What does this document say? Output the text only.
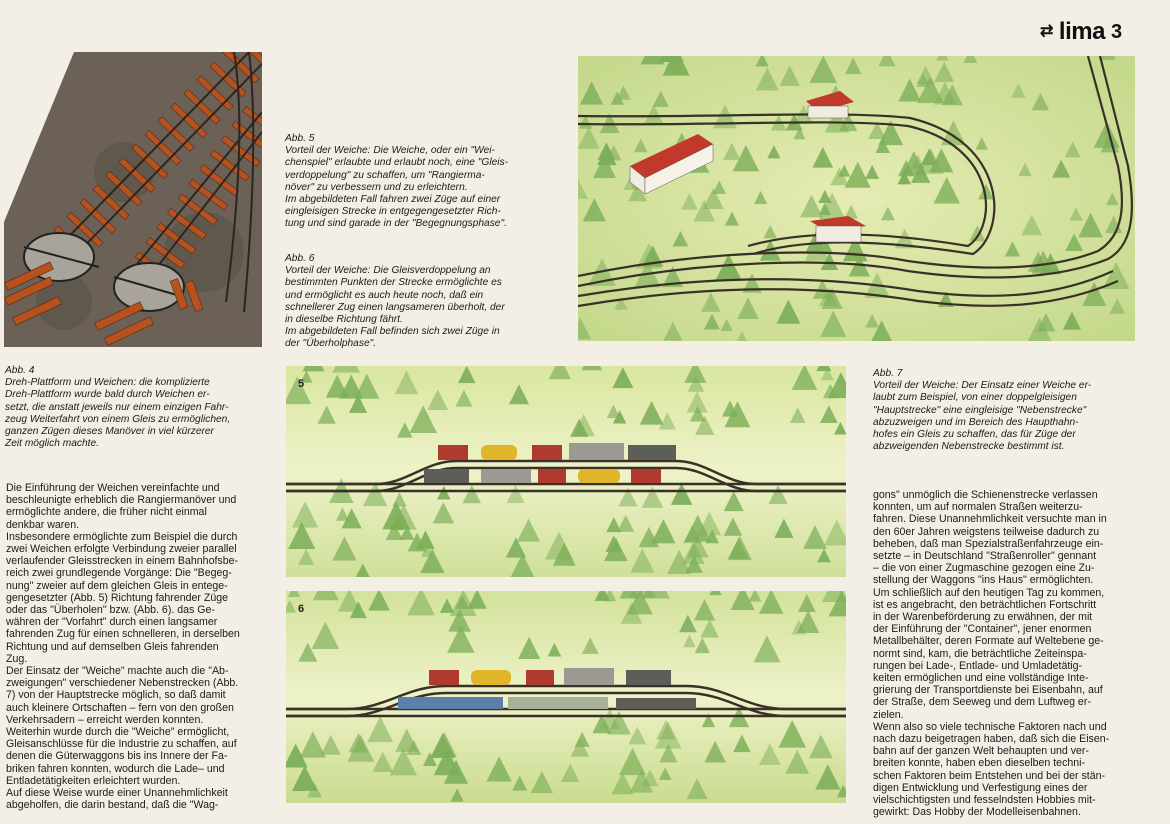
⇄ lima 3
Abb. 4
Dreh-Plattform und Weichen: die komplizierte
Dreh-Plattform wurde bald durch Weichen er-
setzt, die anstatt jeweils nur einem einzigen Fahr-
zeug Weiterfahrt von einem Gleis zu ermöglichen,
ganzen Zügen dieses Manöver in viel kürzerer
Zeit möglich machte.
Abb. 5
Vorteil der Weiche: Die Weiche, oder ein "Wei-
chenspiel" erlaubte und erlaubt noch, eine "Gleis-
verdoppelung" zu schaffen, um "Rangierma-
növer" zu verbessern und zu erleichtern.
Im abgebildeten Fall fahren zwei Züge auf einer
eingleisigen Strecke in entgegengesetzter Rich-
tung und sind garade in der "Begegnungsphase".
Abb. 6
Vorteil der Weiche: Die Gleisverdoppelung an
bestimmten Punkten der Strecke ermöglichte es
und ermöglicht es auch heute noch, daß ein
schnellerer Zug einen langsameren überholt, der
in dieselbe Richtung fährt.
Im abgebildeten Fall befinden sich zwei Züge in
der "Überholphase".
Abb. 7
Vorteil der Weiche: Der Einsatz einer Weiche er-
laubt zum Beispiel, von einer doppelgleisigen
"Hauptstrecke" eine eingleisige "Nebenstrecke"
abzuzweigen und im Bereich des Haupthahn-
hofes ein Gleis zu schaffen, das für Züge der
abzweigenden Nebenstrecke bestimmt ist.
5
6

Die Einführung der Weichen vereinfachte und

beschleunigte erheblich die Rangiermanöver und

ermöglichte andere, die früher nicht einmal

denkbar waren.

Insbesondere ermöglichte zum Beispiel die durch

zwei Weichen erfolgte Verbindung zweier parallel

verlaufender Gleisstrecken in einem Bahnhofsbe-

reich zwei grundlegende Vorgänge: Die "Begeg-

nung" zweier auf dem gleichen Gleis in entege-

gengesetzter (Abb. 5) Richtung fahrender Züge

oder das "Überholen" bzw. (Abb. 6). das Ge-

währen der "Vorfahrt" durch einen langsamer

fahrenden Zug für einen schnelleren, in derselben

Richtung und auf demselben Gleis fahrenden

Zug.

Der Einsatz der "Weiche" machte auch die "Ab-

zweigungen" verschiedener Nebenstrecken (Abb.

7) von der Hauptstrecke möglich, so daß damit

auch kleinere Ortschaften – fern von den großen

Verkehrsadern – erreicht werden konnten.

Weiterhin wurde durch die "Weiche" ermöglicht,

Gleisanschlüsse für die Industrie zu schaffen, auf

denen die Güterwaggons bis ins Innere der Fa-

briken fahren konnten, wodurch die Lade– und

Entladetätigkeiten erleichtert wurden.

Auf diese Weise wurde einer Unannehmlichkeit

abgeholfen, die darin bestand, daß die "Wag-

gons" unmöglich die Schienenstrecke verlassen

konnten, um auf normalen Straßen weiterzu-

fahren. Diese Unannehmlichkeit versuchte man in

den 60er Jahren weigstens teilweise dadurch zu

beheben, daß man Spezialstraßenfahrzeuge ein-

setzte – in Deutschland "Straßenroller" gennant

– die von einer Zugmaschine gezogen eine Zu-

stellung der Waggons "ins Haus" ermöglichten.

Um schließlich auf den heutigen Tag zu kommen,

ist es angebracht, den beträchtlichen Fortschritt

in der Warenbeförderung zu erwähnen, der mit

der Einführung der "Container", jener enormen

Metallbehälter, deren Formate auf Weltebene ge-

normt sind, kam, die beträchtliche Zeiteinspa-

rungen bei Lade-, Entlade- und Umladetätig-

keiten ermöglichen und eine vollständige Inte-

grierung der Transportdienste bei Eisenbahn, auf

der Straße, dem Seeweg und dem Luftweg er-

zielen.

Wenn also so viele technische Faktoren nach und

nach dazu beigetragen haben, daß sich die Eisen-

bahn auf der ganzen Welt behaupten und ver-

breiten konnte, haben eben dieselben techni-

schen Faktoren beim Entstehen und bei der stän-

digen Entwicklung und Verfestigung eines der

vielschichtigsten und fesselndsten Hobbies mit-

gewirkt: Das Hobby der Modelleisenbahnen.
